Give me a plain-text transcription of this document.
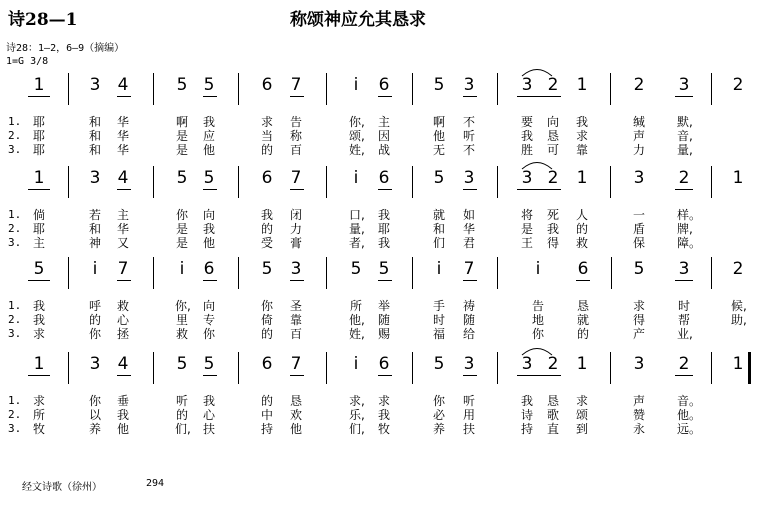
诗28—1	称颂神应允其恳求
诗28：1—2，6—9（摘编）
1=G 3/8
经文诗歌（徐州）	294
1	3 4	5 5	6 7	i	6	5 3	3 2 1	2 3	2
1. 耶	和 华	啊 我	求 告	你, 主	啊 不	要 向 我	缄	默,
2. 耶	和 华	是 应	当 称	颂, 因	他 听	我 恳 求	声	音,
3. 耶	和 华	是 他	的 百	姓, 战	无 不	胜 可 靠	力	量,
1	3 4	5 5	6 7	i	6	5 3	3 2 1	3 2	1
1. 倘	若 主	你 向	我 闭	口, 我	就 如	将 死 人	一	样。
2. 耶	和 华	是 我	的 力	量, 耶	和 华	是 我 的	盾	牌,
3. 主	神 又	是 他	受 膏	者, 我	们 君	王 得 救	保	障。
5	i	7	i	6	5 3	5 5	i	7	i	6	5 3	2
1. 我	呼 救	你, 向	你 圣	所 举	手 祷	告	恳	求	时	候,
2. 我	的 心	里 专	倚 靠	他, 随	时 随	地	就	得	帮	助,
3. 求	你 拯	救 你	的 百	姓, 赐	福 给	你	的	产	业,
1	3 4	5 5	6 7	i	6	5 3	3 2 1	3 2	1
1. 求	你 垂	听 我	的 恳	求, 求	你 听	我 恳 求	声	音。
2. 所	以 我	的 心	中 欢	乐, 我	必 用	诗 歌 颂	赞	他。
3. 牧	养 他	们, 扶	持 他	们, 牧	养 扶	持 直 到	永	远。
